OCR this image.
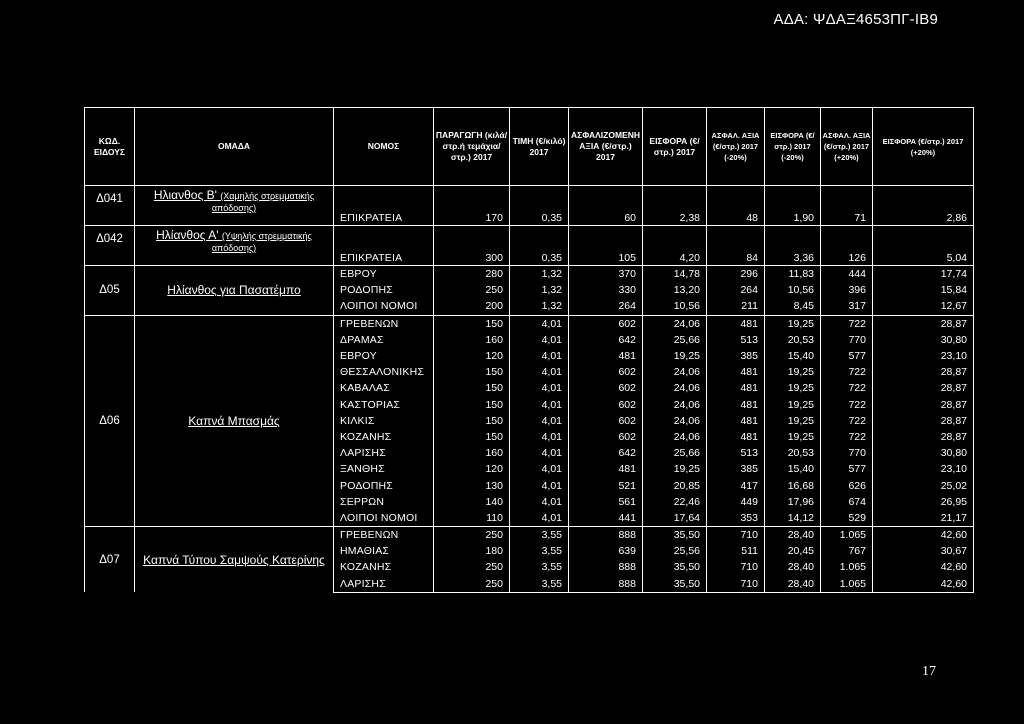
ΑΔΑ: ΨΔΑΞ4653ΠΓ-ΙΒ9
ΚΩΔ. ΕΙΔΟΥΣ	ΟΜΑΔΑ	ΝΟΜΟΣ	ΠΑΡΑΓΩΓΗ (κιλά/στρ.ή τεμάχια/στρ.) 2017	ΤΙΜΗ (€/κιλό) 2017	ΑΣΦΑΛΙΖΟΜΕΝΗ ΑΞΙΑ (€/στρ.) 2017	ΕΙΣΦΟΡΑ (€/στρ.) 2017	ΑΣΦΑΛ. ΑΞΙΑ (€/στρ.) 2017 (-20%)	ΕΙΣΦΟΡΑ (€/στρ.) 2017 (-20%)	ΑΣΦΑΛ. ΑΞΙΑ (€/στρ.) 2017 (+20%)	ΕΙΣΦΟΡΑ (€/στρ.) 2017 (+20%)
Δ041	Ηλιανθος Β' (Χαμηλής στρεμματικής απόδοσης)	ΕΠΙΚΡΑΤΕΙΑ	170	0,35	60	2,38	48	1,90	71	2,86
Δ042	Ηλίανθος Α' (Υψηλής στρεμματικής απόδοσης)	ΕΠΙΚΡΑΤΕΙΑ	300	0,35	105	4,20	84	3,36	126	5,04
Δ05	Ηλίανθος για Πασατέμπο	ΕΒΡΟΥ	280	1,32	370	14,78	296	11,83	444	17,74
		ΡΟΔΟΠΗΣ	250	1,32	330	13,20	264	10,56	396	15,84
		ΛΟΙΠΟΙ ΝΟΜΟΙ	200	1,32	264	10,56	211	8,45	317	12,67
Δ06	Καπνά Μπασμάς	ΓΡΕΒΕΝΩΝ	150	4,01	602	24,06	481	19,25	722	28,87
		ΔΡΑΜΑΣ	160	4,01	642	25,66	513	20,53	770	30,80
		ΕΒΡΟΥ	120	4,01	481	19,25	385	15,40	577	23,10
		ΘΕΣΣΑΛΟΝΙΚΗΣ	150	4,01	602	24,06	481	19,25	722	28,87
		ΚΑΒΑΛΑΣ	150	4,01	602	24,06	481	19,25	722	28,87
		ΚΑΣΤΟΡΙΑΣ	150	4,01	602	24,06	481	19,25	722	28,87
		ΚΙΛΚΙΣ	150	4,01	602	24,06	481	19,25	722	28,87
		ΚΟΖΑΝΗΣ	150	4,01	602	24,06	481	19,25	722	28,87
		ΛΑΡΙΣΗΣ	160	4,01	642	25,66	513	20,53	770	30,80
		ΞΑΝΘΗΣ	120	4,01	481	19,25	385	15,40	577	23,10
		ΡΟΔΟΠΗΣ	130	4,01	521	20,85	417	16,68	626	25,02
		ΣΕΡΡΩΝ	140	4,01	561	22,46	449	17,96	674	26,95
		ΛΟΙΠΟΙ ΝΟΜΟΙ	110	4,01	441	17,64	353	14,12	529	21,17
Δ07	Καπνά Τύπου Σαμψούς Κατερίνης	ΓΡΕΒΕΝΩΝ	250	3,55	888	35,50	710	28,40	1.065	42,60
		ΗΜΑΘΙΑΣ	180	3,55	639	25,56	511	20,45	767	30,67
		ΚΟΖΑΝΗΣ	250	3,55	888	35,50	710	28,40	1.065	42,60
		ΛΑΡΙΣΗΣ	250	3,55	888	35,50	710	28,40	1.065	42,60
17
